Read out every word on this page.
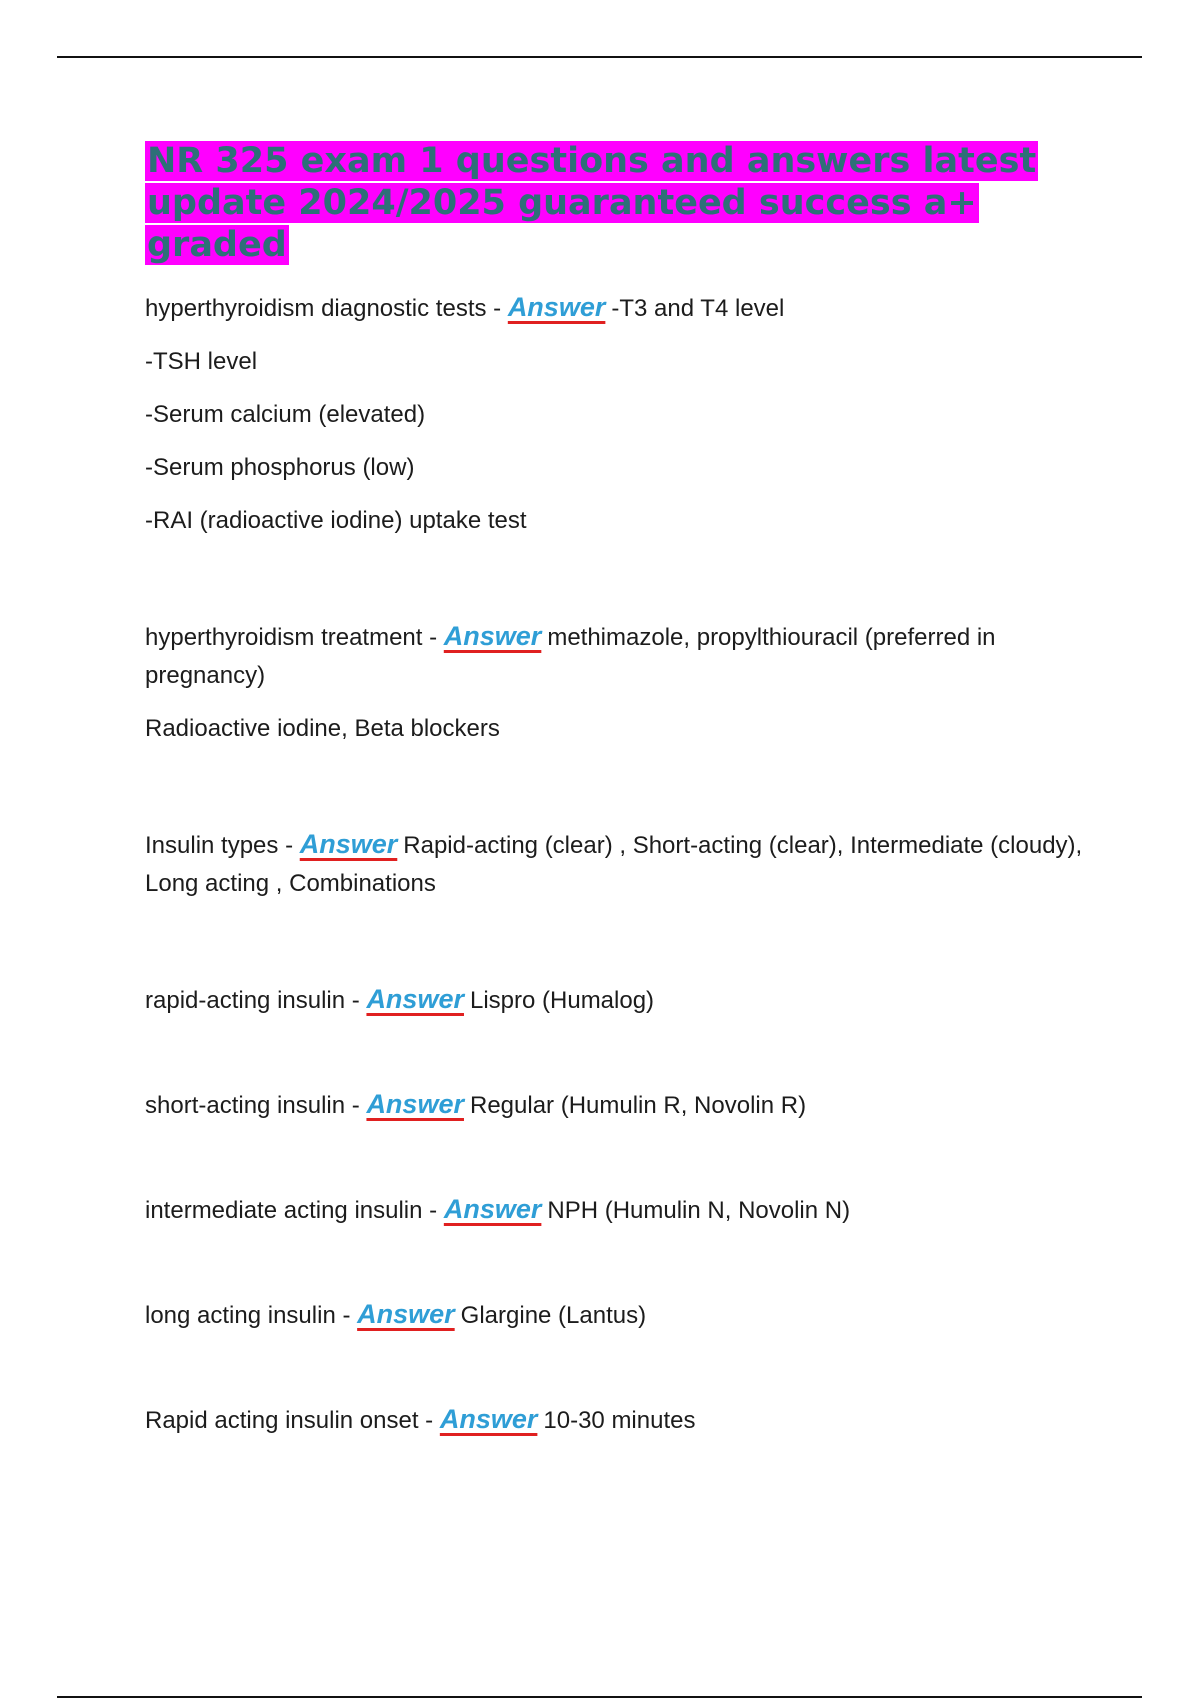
NR 325 exam 1 questions and answers latest update 2024/2025 guaranteed success a+ graded

hyperthyroidism diagnostic tests - Answer -T3 and T4 level

-TSH level

-Serum calcium (elevated)

-Serum phosphorus (low)

-RAI (radioactive iodine) uptake test

hyperthyroidism treatment - Answer methimazole, propylthiouracil (preferred in pregnancy)

Radioactive iodine, Beta blockers

Insulin types - Answer Rapid-acting (clear) , Short-acting (clear), Intermediate (cloudy), Long acting , Combinations

rapid-acting insulin - Answer Lispro (Humalog)

short-acting insulin - Answer Regular (Humulin R, Novolin R)

intermediate acting insulin - Answer NPH (Humulin N, Novolin N)

long acting insulin - Answer Glargine (Lantus)

Rapid acting insulin onset - Answer 10-30 minutes
